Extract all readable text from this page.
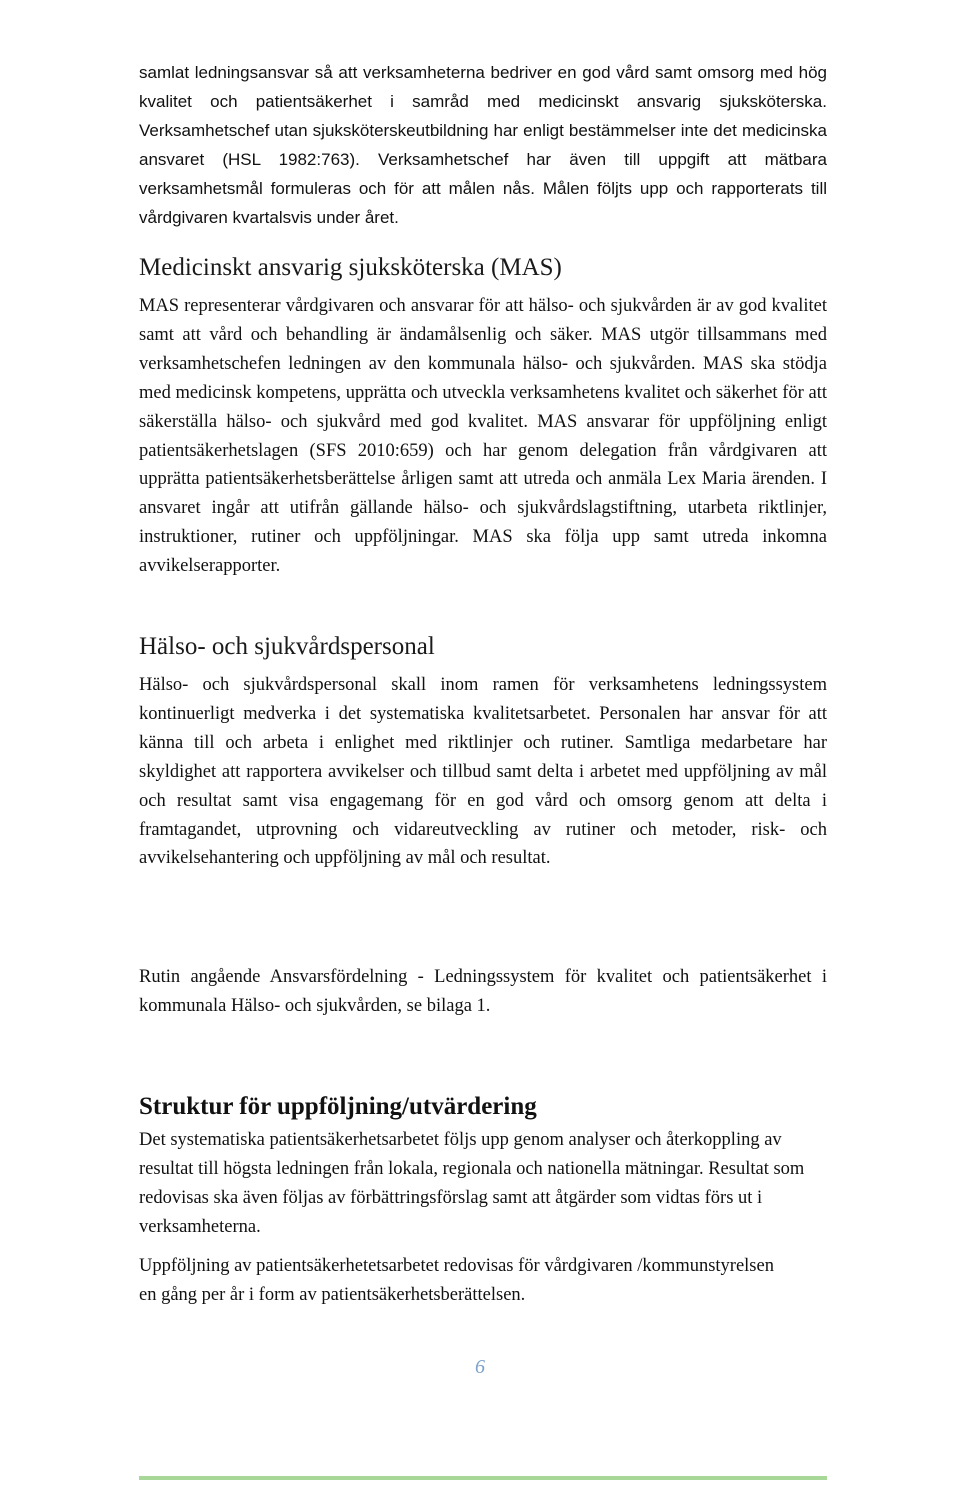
samlat ledningsansvar så att verksamheterna bedriver en god vård samt omsorg med hög kvalitet och patientsäkerhet i samråd med medicinskt ansvarig sjuksköterska. Verksamhetschef utan sjuksköterskeutbildning har enligt bestämmelser inte det medicinska ansvaret (HSL 1982:763). Verksamhetschef har även till uppgift att mätbara verksamhetsmål formuleras och för att målen nås. Målen följts upp och rapporterats till vårdgivaren kvartalsvis under året.

Medicinskt ansvarig sjuksköterska (MAS)

MAS representerar vårdgivaren och ansvarar för att hälso- och sjukvården är av god kvalitet samt att vård och behandling är ändamålsenlig och säker. MAS utgör tillsammans med verksamhetschefen ledningen av den kommunala hälso- och sjukvården. MAS ska stödja med medicinsk kompetens, upprätta och utveckla verksamhetens kvalitet och säkerhet för att säkerställa hälso- och sjukvård med god kvalitet. MAS ansvarar för uppföljning enligt patientsäkerhetslagen (SFS 2010:659) och har genom delegation från vårdgivaren att upprätta patientsäkerhetsberättelse årligen samt att utreda och anmäla Lex Maria ärenden. I ansvaret ingår att utifrån gällande hälso- och sjukvårdslagstiftning, utarbeta riktlinjer, instruktioner, rutiner och uppföljningar. MAS ska följa upp samt utreda inkomna avvikelserapporter.

Hälso- och sjukvårdspersonal

Hälso- och sjukvårdspersonal skall inom ramen för verksamhetens ledningssystem kontinuerligt medverka i det systematiska kvalitetsarbetet. Personalen har ansvar för att känna till och arbeta i enlighet med riktlinjer och rutiner. Samtliga medarbetare har skyldighet att rapportera avvikelser och tillbud samt delta i arbetet med uppföljning av mål och resultat samt visa engagemang för en god vård och omsorg genom att delta i framtagandet, utprovning och vidareutveckling av rutiner och metoder, risk- och avvikelsehantering och uppföljning av mål och resultat.

Rutin angående Ansvarsfördelning - Ledningssystem för kvalitet och patientsäkerhet i kommunala Hälso- och sjukvården, se bilaga 1.

Struktur för uppföljning/utvärdering

Det systematiska patientsäkerhetsarbetet följs upp genom analyser och återkoppling av resultat till högsta ledningen från lokala, regionala och nationella mätningar. Resultat som redovisas ska även följas av förbättringsförslag samt att åtgärder som vidtas förs ut i verksamheterna.

Uppföljning av patientsäkerhetetsarbetet redovisas för vårdgivaren /kommunstyrelsen en gång per år i form av patientsäkerhetsberättelsen.

6
